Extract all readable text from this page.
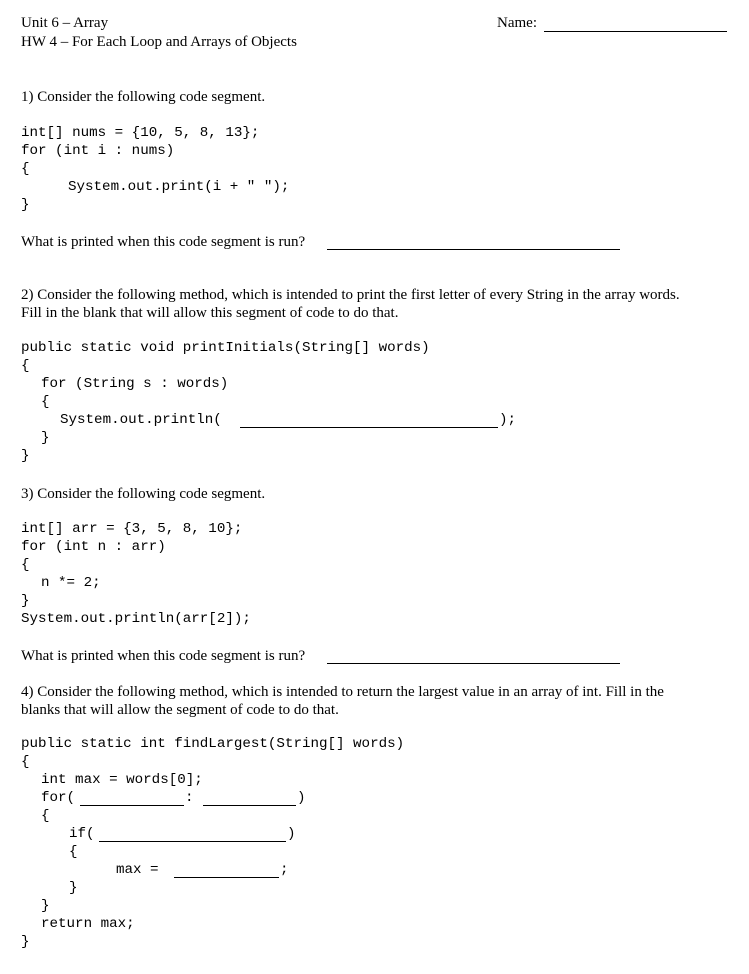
Unit 6 – Array
HW 4 – For Each Loop and Arrays of Objects
Name:
1) Consider the following code segment.
int[] nums = {10, 5, 8, 13};
for (int i : nums)
{
System.out.print(i + " ");
}
What is printed when this code segment is run?
2) Consider the following method, which is intended to print the first letter of every String in the array words.
Fill in the blank that will allow this segment of code to do that.
public static void printInitials(String[] words)
{
for (String s : words)
{
System.out.println(	);
}
}
3) Consider the following code segment.
int[] arr = {3, 5, 8, 10};
for (int n : arr)
{
n *= 2;
}
System.out.println(arr[2]);
What is printed when this code segment is run?
4) Consider the following method, which is intended to return the largest value in an array of int. Fill in the
blanks that will allow the segment of code to do that.
public static int findLargest(String[] words)
{
int max = words[0];
for(	:	)
{
if(	)
{
max =	;
}
}
return max;
}
